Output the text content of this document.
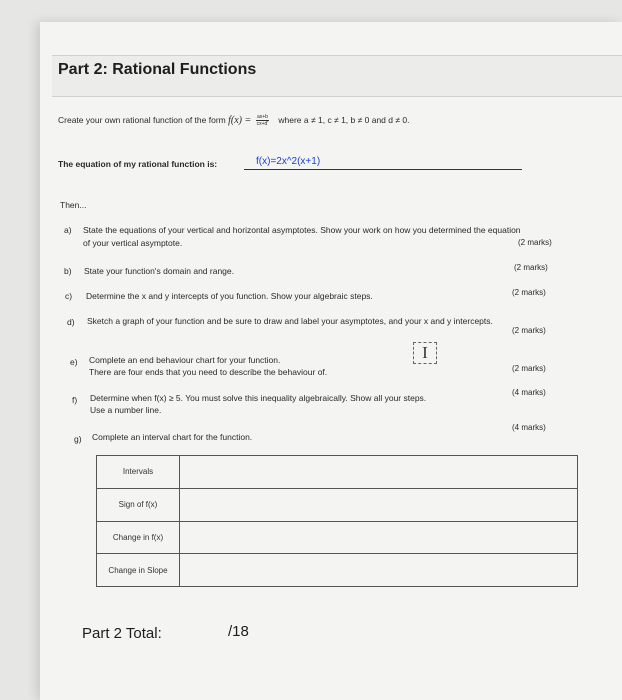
Part 2: Rational Functions
Create your own rational function of the form $f(x) = \frac{ax+b}{cx+d'}$ where a ≠ 1, c ≠ 1, b ≠ 0 and d ≠ 0.
The equation of my rational function is:	f(x)=2x^2(x+1)
Then...
a) State the equations of your vertical and horizontal asymptotes. Show your work on how you determined the equation
of your vertical asymptote.	(2 marks)
b) State your function's domain and range.	(2 marks)
c) Determine the x and y intercepts of you function. Show your algebraic steps.	(2 marks)
d) Sketch a graph of your function and be sure to draw and label your asymptotes, and your x and y intercepts.
(2 marks)
I
e) Complete an end behaviour chart for your function.
There are four ends that you need to describe the behaviour of.	(2 marks)
f) Determine when f(x) ≥ 5. You must solve this inequality algebraically. Show all your steps.
Use a number line.
(4 marks)
g) Complete an interval chart for the function.
(4 marks)
Intervals	
Sign of f(x)	
Change in f(x)	
Change in Slope	
Part 2 Total:	/18
